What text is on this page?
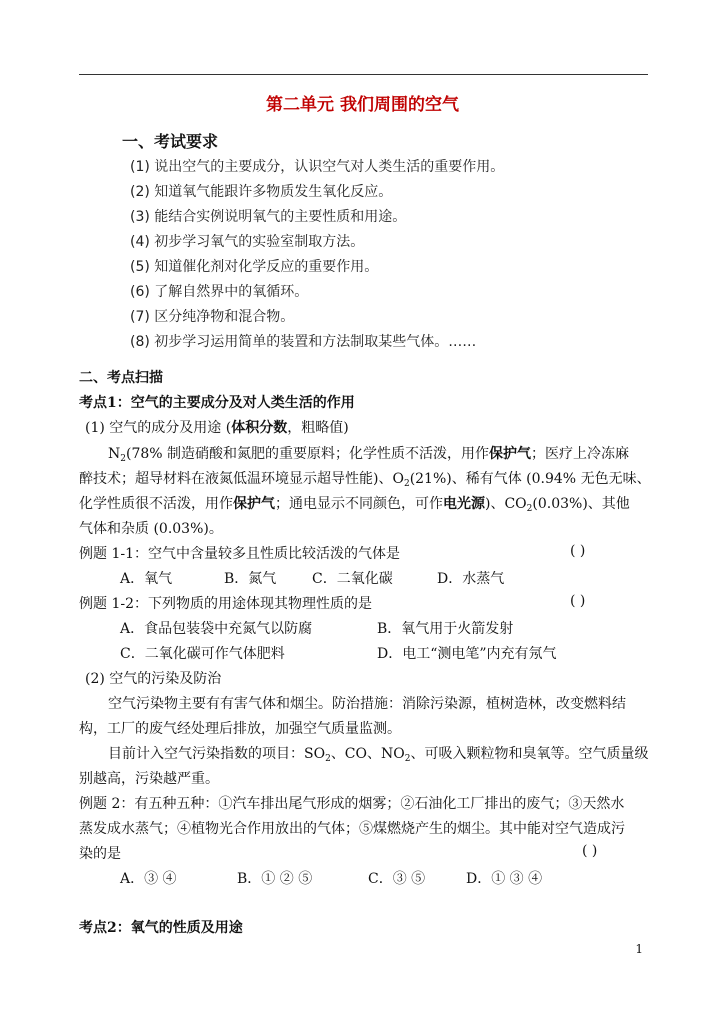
第二单元 我们周围的空气
一、考试要求
(1) 说出空气的主要成分，认识空气对人类生活的重要作用。
(2) 知道氧气能跟许多物质发生氧化反应。
(3) 能结合实例说明氧气的主要性质和用途。
(4) 初步学习氧气的实验室制取方法。
(5) 知道催化剂对化学反应的重要作用。
(6) 了解自然界中的氧循环。
(7) 区分纯净物和混合物。
(8) 初步学习运用简单的装置和方法制取某些气体。……
二、考点扫描
考点1：空气的主要成分及对人类生活的作用
(1) 空气的成分及用途 (体积分数，粗略值)
$N_2(78\%$ 制造硝酸和氮肥的重要原料；化学性质不活泼，用作保护气；医疗上冷冻麻
醉技术；超导材料在液氮低温环境显示超导性能)、$O_2(21\%)$、稀有气体 (0.94% 无色无味、
化学性质很不活泼，用作保护气；通电显示不同颜色，可作电光源)、$CO_2(0.03\%)$、其他
气体和杂质 (0.03%)。
例题 1-1：空气中含量较多且性质比较活泼的气体是	( )
A．氧气	B．氮气	C．二氧化碳	D．水蒸气
例题 1-2：下列物质的用途体现其物理性质的是	( )
A．食品包装袋中充氮气以防腐	B．氧气用于火箭发射
C．二氧化碳可作气体肥料	D．电工“测电笔”内充有氖气
(2) 空气的污染及防治
空气污染物主要有有害气体和烟尘。防治措施：消除污染源，植树造林，改变燃料结
构，工厂的废气经处理后排放，加强空气质量监测。
目前计入空气污染指数的项目：$SO_2$、CO、$NO_2$、可吸入颗粒物和臭氧等。空气质量级
别越高，污染越严重。
例题 2：有五种五种：①汽车排出尾气形成的烟雾；②石油化工厂排出的废气；③天然水
蒸发成水蒸气；④植物光合作用放出的气体；⑤煤燃烧产生的烟尘。其中能对空气造成污
染的是	( )
A．③ ④	B．① ② ⑤	C．③ ⑤	D．① ③ ④
考点2：氧气的性质及用途
1
